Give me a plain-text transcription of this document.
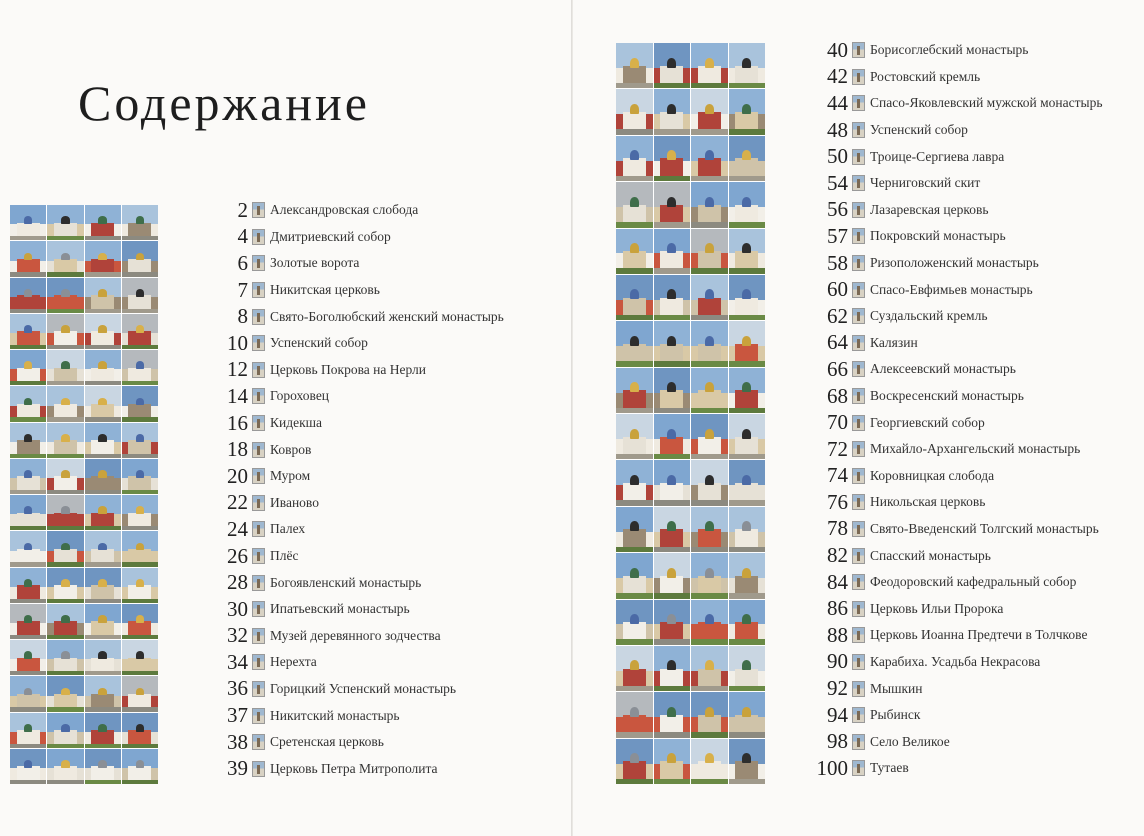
Содержание
2 Александровская слобода
4 Дмитриевский собор
6 Золотые ворота
7 Никитская церковь
8 Свято-Боголюбский женский монастырь
10 Успенский собор
12 Церковь Покрова на Нерли
14 Гороховец
16 Кидекша
18 Ковров
20 Муром
22 Иваново
24 Палех
26 Плёс
28 Богоявленский монастырь
30 Ипатьевский монастырь
32 Музей деревянного зодчества
34 Нерехта
36 Горицкий Успенский монастырь
37 Никитский монастырь
38 Сретенская церковь
39 Церковь Петра Митрополита
40 Борисоглебский монастырь
42 Ростовский кремль
44 Спасо-Яковлевский мужской монастырь
48 Успенский собор
50 Троице-Сергиева лавра
54 Черниговский скит
56 Лазаревская церковь
57 Покровский монастырь
58 Ризоположенский монастырь
60 Спасо-Евфимьев монастырь
62 Суздальский кремль
64 Калязин
66 Алексеевский монастырь
68 Воскресенский монастырь
70 Георгиевский собор
72 Михайло-Архангельский монастырь
74 Коровницкая слобода
76 Никольская церковь
78 Свято-Введенский Толгский монастырь
82 Спасский монастырь
84 Феодоровский кафедральный собор
86 Церковь Ильи Пророка
88 Церковь Иоанна Предтечи в Толчкове
90 Карабиха. Усадьба Некрасова
92 Мышкин
94 Рыбинск
98 Село Великое
100 Тутаев
